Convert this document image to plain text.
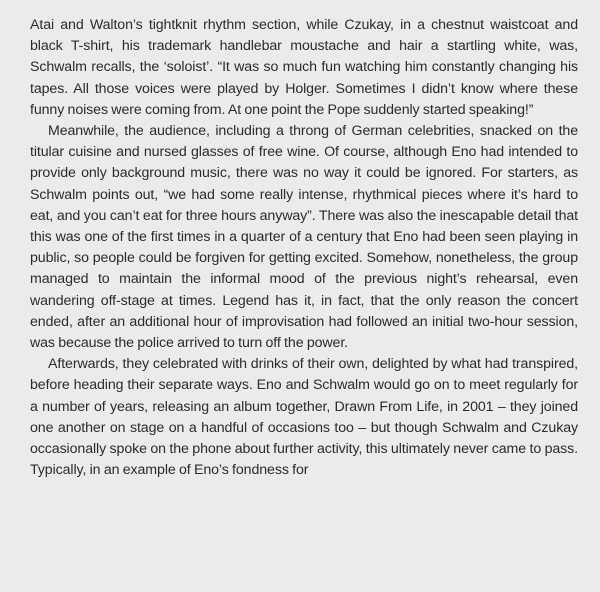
Atai and Walton’s tightknit rhythm section, while Czukay, in a chestnut waistcoat and black T-shirt, his trademark handlebar moustache and hair a startling white, was, Schwalm recalls, the ‘soloist’. “It was so much fun watching him constantly changing his tapes. All those voices were played by Holger. Sometimes I didn’t know where these funny noises were coming from. At one point the Pope suddenly started speaking!”

Meanwhile, the audience, including a throng of German celebrities, snacked on the titular cuisine and nursed glasses of free wine. Of course, although Eno had intended to provide only background music, there was no way it could be ignored. For starters, as Schwalm points out, “we had some really intense, rhythmical pieces where it’s hard to eat, and you can’t eat for three hours anyway”. There was also the inescapable detail that this was one of the first times in a quarter of a century that Eno had been seen playing in public, so people could be forgiven for getting excited. Somehow, nonetheless, the group managed to maintain the informal mood of the previous night’s rehearsal, even wandering off-stage at times. Legend has it, in fact, that the only reason the concert ended, after an additional hour of improvisation had followed an initial two-hour session, was because the police arrived to turn off the power.

Afterwards, they celebrated with drinks of their own, delighted by what had transpired, before heading their separate ways. Eno and Schwalm would go on to meet regularly for a number of years, releasing an album together, Drawn From Life, in 2001 – they joined one another on stage on a handful of occasions too – but though Schwalm and Czukay occasionally spoke on the phone about further activity, this ultimately never came to pass. Typically, in an example of Eno’s fondness for
